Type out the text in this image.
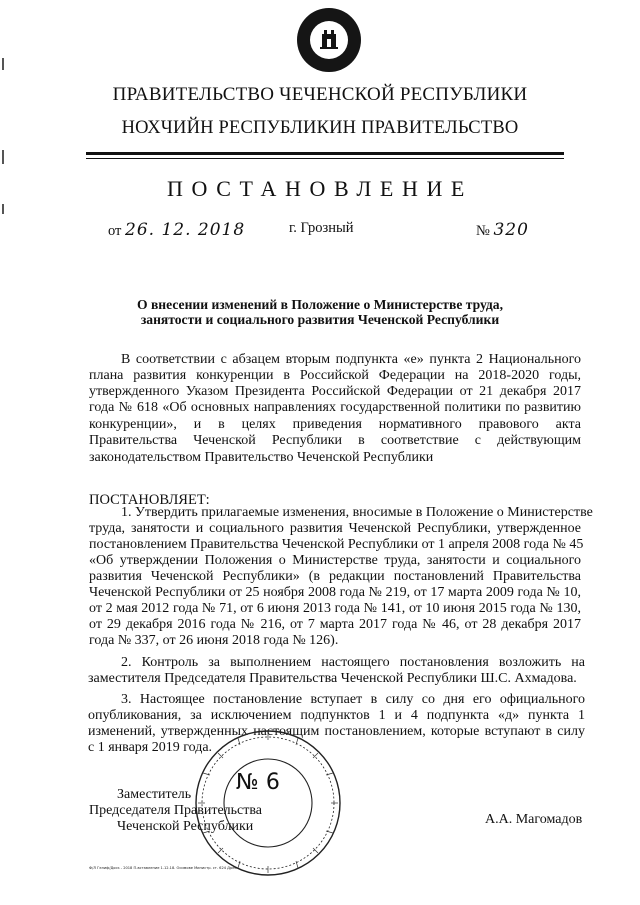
ПРАВИТЕЛЬСТВО ЧЕЧЕНСКОЙ РЕСПУБЛИКИ
НОХЧИЙН РЕСПУБЛИКИН ПРАВИТЕЛЬСТВО
ПОСТАНОВЛЕНИЕ
от 26. 12. 2018	г. Грозный	№ 320
О внесении изменений в Положение о Министерстве труда,
занятости и социального развития Чеченской Республики
В соответствии с абзацем вторым подпункта «е» пункта 2 Национального
плана развития конкуренции в Российской Федерации на 2018-2020 годы,
утвержденного Указом Президента Российской Федерации от 21 декабря 2017
года № 618 «Об основных направлениях государственной политики по развитию
конкуренции», и в целях приведения нормативного правового акта
Правительства Чеченской Республики в соответствие с действующим
законодательством Правительство Чеченской Республики
ПОСТАНОВЛЯЕТ:
1. Утвердить прилагаемые изменения, вносимые в Положение о Министерстве
труда, занятости и социального развития Чеченской Республики, утвержденное
постановлением Правительства Чеченской Республики от 1 апреля 2008 года № 45
«Об утверждении Положения о Министерстве труда, занятости и социального
развития Чеченской Республики» (в редакции постановлений Правительства
Чеченской Республики от 25 ноября 2008 года № 219, от 17 марта 2009 года № 10,
от 2 мая 2012 года № 71, от 6 июня 2013 года № 141, от 10 июня 2015 года № 130,
от 29 декабря 2016 года № 216, от 7 марта 2017 года № 46, от 28 декабря 2017
года № 337, от 26 июня 2018 года № 126).
2. Контроль за выполнением настоящего постановления возложить на
заместителя Председателя Правительства Чеченской Республики Ш.С. Ахмадова.
3. Настоящее постановление вступает в силу со дня его официального
опубликования, за исключением подпунктов 1 и 4 подпункта «д» пункта 1
изменений, утвержденных настоящим постановлением, которые вступают в силу
с 1 января 2019 года.
№ 6
Заместитель
Председателя Правительства
Чеченской Республики	А.А. Магомадов
Ф/Л Гелиф/Доск - 2018 П-вставление 1.12.18. Осимове Министр. ст. 624 Дрее
